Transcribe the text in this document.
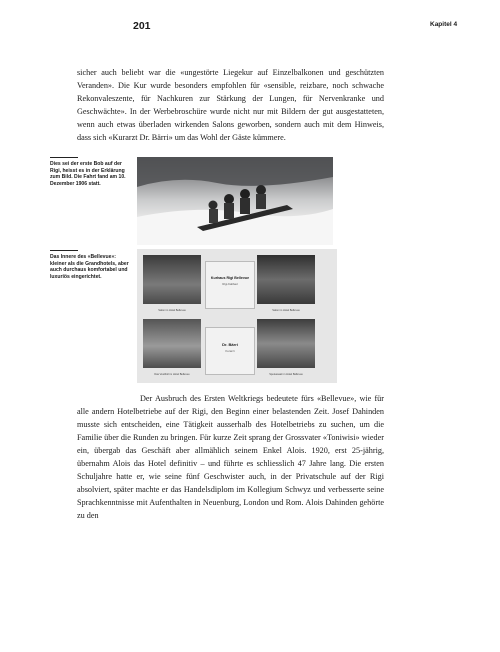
201	Kapitel 4

sicher auch beliebt war die «ungestörte Liegekur auf Einzelbalkonen und geschützten Veranden». Die Kur wurde besonders empfohlen für «sensible, reizbare, noch schwache Rekonvaleszente, für Nachkuren zur Stärkung der Lungen, für Nervenkranke und Geschwächte». In der Werbebroschüre wurde nicht nur mit Bildern der gut ausgestatteten, wenn auch etwas überladen wirkenden Salons geworben, sondern auch mit dem Hinweis, dass sich «Kurarzt Dr. Bärri» um das Wohl der Gäste kümmere.

Dies sei der erste Bob auf der Rigi, heisst es in der Erklärung zum Bild. Die Fahrt fand am 10. Dezember 1906 statt.
Das Innere des «Bellevue»: kleiner als die Grandhotels, aber auch durchaus komfortabel und luxuriös eingerichtet.
Salon im Hotel Bellevue	Salon im Hotel Bellevue
Das Vestibül im Hotel Bellevue	Speisesaal im Hotel Bellevue
Kurhaus Rigi Bellevue
Rigi-Kaltbad
Dr. Bärri
Kurarzt

Der Ausbruch des Ersten Weltkriegs bedeutete fürs «Bellevue», wie für alle andern Hotelbetriebe auf der Rigi, den Beginn einer belastenden Zeit. Josef Dahinden musste sich entscheiden, eine Tätigkeit ausserhalb des Hotelbetriebs zu suchen, um die Familie über die Runden zu bringen. Für kurze Zeit sprang der Grossvater «Toniwisi» wieder ein, übergab das Geschäft aber allmählich seinem Enkel Alois. 1920, erst 25-jährig, übernahm Alois das Hotel definitiv – und führte es schliesslich 47 Jahre lang. Die ersten Schuljahre hatte er, wie seine fünf Geschwister auch, in der Privatschule auf der Rigi absolviert, später machte er das Handelsdiplom im Kollegium Schwyz und verbesserte seine Sprachkenntnisse mit Aufenthalten in Neuenburg, London und Rom. Alois Dahinden gehörte zu den
